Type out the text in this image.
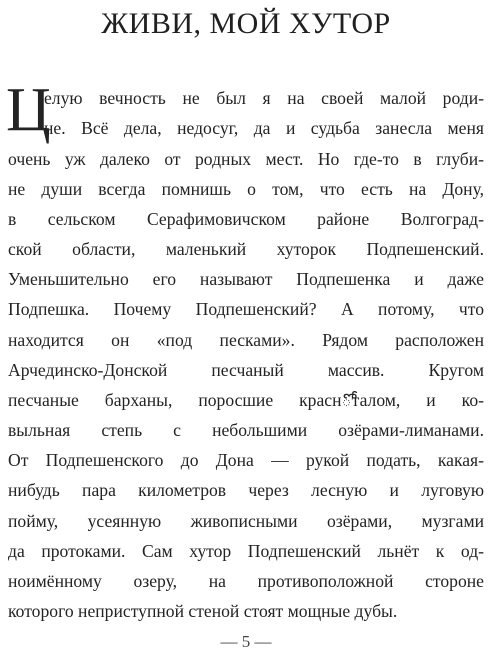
ЖИВИ, МОЙ ХУТОР
Ц
елую вечность не был я на своей малой роди-
не. Всё дела, недосуг, да и судьба занесла меня
очень уж далеко от родных мест. Но где-то в глуби-
не души всегда помнишь о том, что есть на Дону,
в сельском Серафимовичском районе Волгоград-
ской области, маленький хуторок Подпешенский.
Уменьшительно его называют Подпешенка и даже
Подпешка. Почему Подпешенский? А потому, что
находится он «под песками». Рядом расположен
Арчединско-Донской песчаный массив. Кругом
песчаные барханы, поросшие краснోталом, и ко-
выльная степь с небольшими озёрами-лиманами.
От Подпешенского до Дона — рукой подать, какая-
нибудь пара километров через лесную и луговую
пойму, усеянную живописными озёрами, музгами
да протоками. Сам хутор Подпешенский льнёт к од-
ноимённому озеру, на противоположной стороне
которого неприступной стеной стоят мощные дубы.
— 5 —
